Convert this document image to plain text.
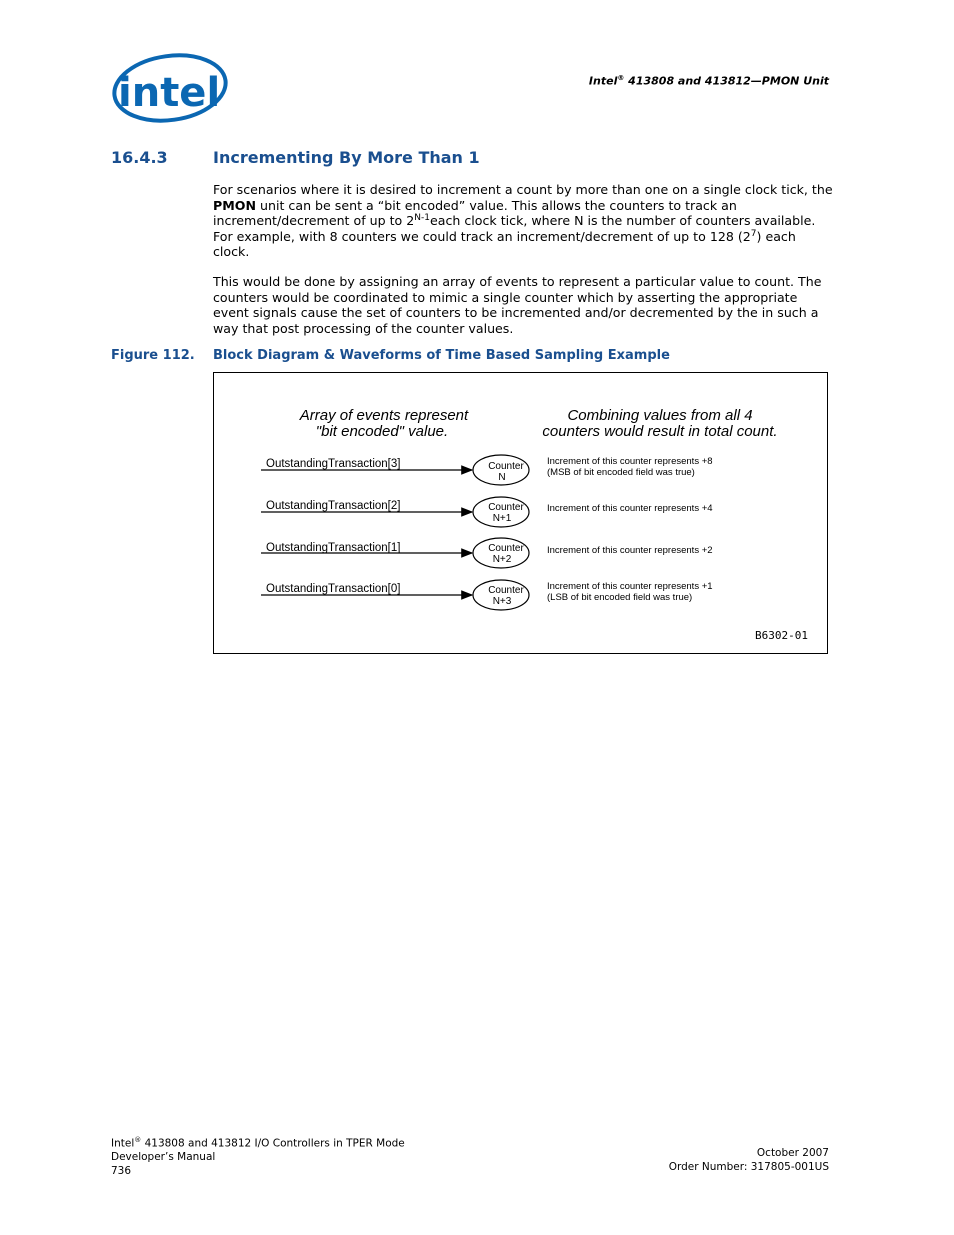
intel	Intel® 413808 and 413812—PMON Unit
16.4.3	Incrementing By More Than 1

For scenarios where it is desired to increment a count by more than one on a single clock tick, the PMON unit can be sent a “bit encoded” value. This allows the counters to track an increment/decrement of up to $2^{N-1}each$ clock tick, where N is the number of counters available. For example, with 8 counters we could track an increment/decrement of up to 128 $(2^7)$ each clock.

This would be done by assigning an array of events to represent a particular value to count. The counters would be coordinated to mimic a single counter which by asserting the appropriate event signals cause the set of counters to be incremented and/or decremented by the in such a way that post processing of the counter values.

Figure 112. Block Diagram & Waveforms of Time Based Sampling Example
Array of events represent
"bit encoded" value.
Combining values from all 4
counters would result in total count.
OutstandingTransaction[3]	Counter
N
Increment of this counter represents +8
(MSB of bit encoded field was true)
OutstandingTransaction[2]	Counter
N+1
Increment of this counter represents +4
OutstandingTransaction[1]	Counter
N+2
Increment of this counter represents +2
OutstandingTransaction[0]	Counter
N+3
Increment of this counter represents +1
(LSB of bit encoded field was true)
B6302-01
Intel® 413808 and 413812 I/O Controllers in TPER Mode
Developer’s Manual
736
October 2007
Order Number: 317805-001US
